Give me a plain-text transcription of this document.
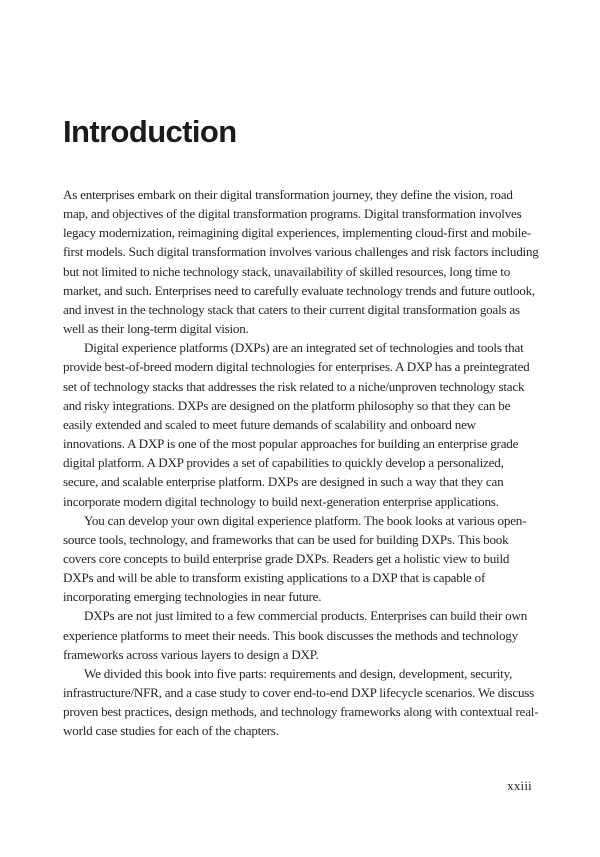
Introduction

As enterprises embark on their digital transformation journey, they define the vision, road map, and objectives of the digital transformation programs. Digital transformation involves legacy modernization, reimagining digital experiences, implementing cloud-first and mobile-first models. Such digital transformation involves various challenges and risk factors including but not limited to niche technology stack, unavailability of skilled resources, long time to market, and such. Enterprises need to carefully evaluate technology trends and future outlook, and invest in the technology stack that caters to their current digital transformation goals as well as their long-term digital vision.

Digital experience platforms (DXPs) are an integrated set of technologies and tools that provide best-of-breed modern digital technologies for enterprises. A DXP has a preintegrated set of technology stacks that addresses the risk related to a niche/unproven technology stack and risky integrations. DXPs are designed on the platform philosophy so that they can be easily extended and scaled to meet future demands of scalability and onboard new innovations. A DXP is one of the most popular approaches for building an enterprise grade digital platform. A DXP provides a set of capabilities to quickly develop a personalized, secure, and scalable enterprise platform. DXPs are designed in such a way that they can incorporate modern digital technology to build next-generation enterprise applications.

You can develop your own digital experience platform. The book looks at various open-source tools, technology, and frameworks that can be used for building DXPs. This book covers core concepts to build enterprise grade DXPs. Readers get a holistic view to build DXPs and will be able to transform existing applications to a DXP that is capable of incorporating emerging technologies in near future.

DXPs are not just limited to a few commercial products. Enterprises can build their own experience platforms to meet their needs. This book discusses the methods and technology frameworks across various layers to design a DXP.

We divided this book into five parts: requirements and design, development, security, infrastructure/NFR, and a case study to cover end-to-end DXP lifecycle scenarios. We discuss proven best practices, design methods, and technology frameworks along with contextual real-world case studies for each of the chapters.

xxiii
